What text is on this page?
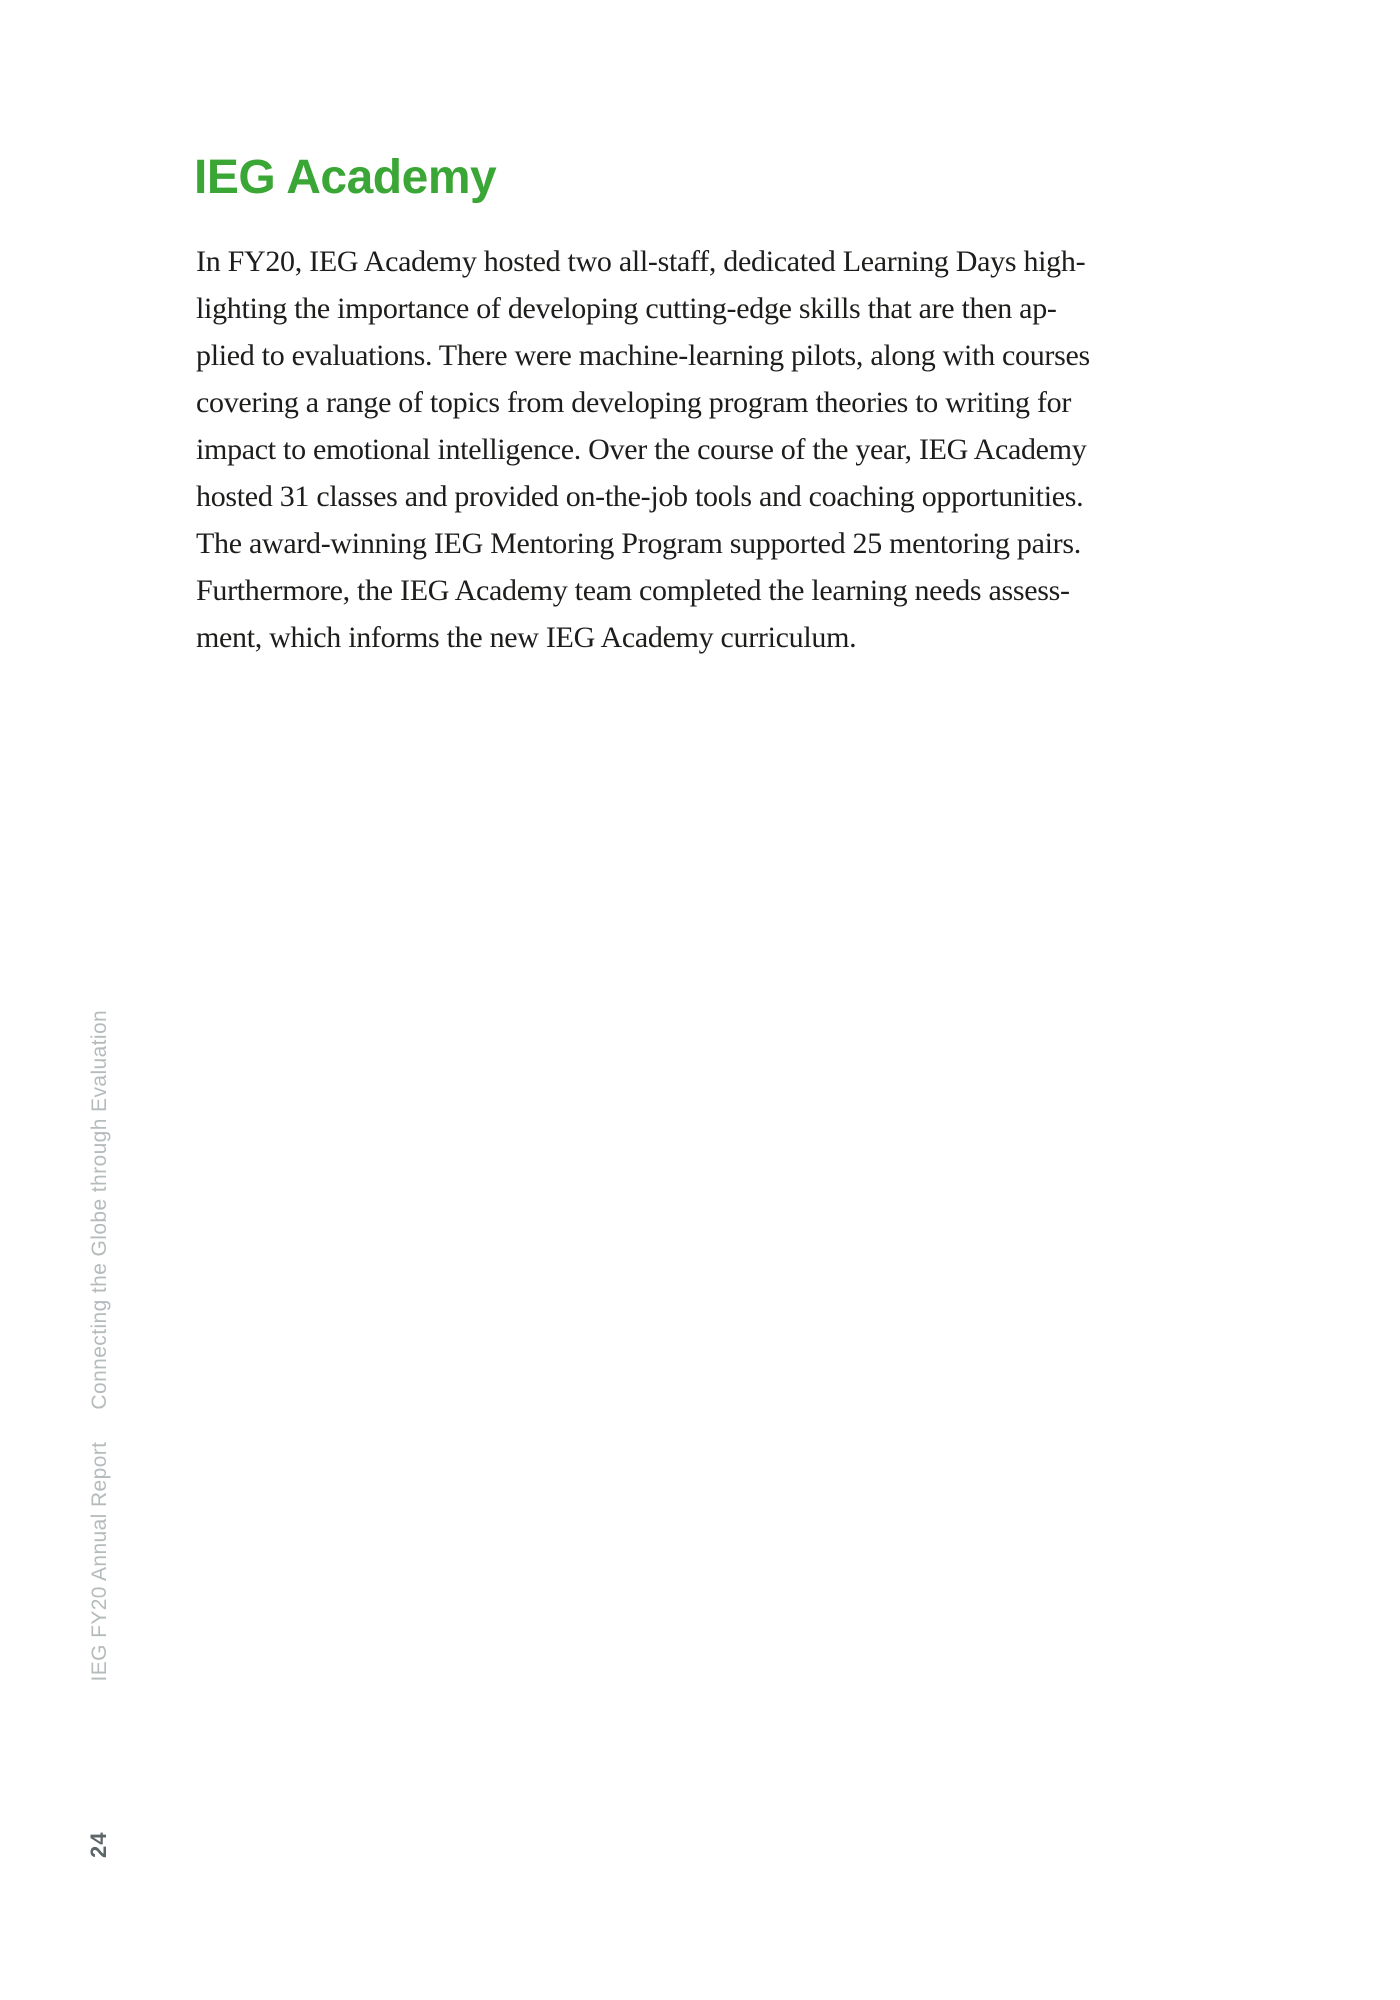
IEG Academy
In FY20, IEG Academy hosted two all-staff, dedicated Learning Days high-
lighting the importance of developing cutting-edge skills that are then ap-
plied to evaluations. There were machine-learning pilots, along with courses
covering a range of topics from developing program theories to writing for
impact to emotional intelligence. Over the course of the year, IEG Academy
hosted 31 classes and provided on-the-job tools and coaching opportunities.
The award-winning IEG Mentoring Program supported 25 mentoring pairs.
Furthermore, the IEG Academy team completed the learning needs assess-
ment, which informs the new IEG Academy curriculum.
24
IEG FY20 Annual Report
Connecting the Globe through Evaluation
